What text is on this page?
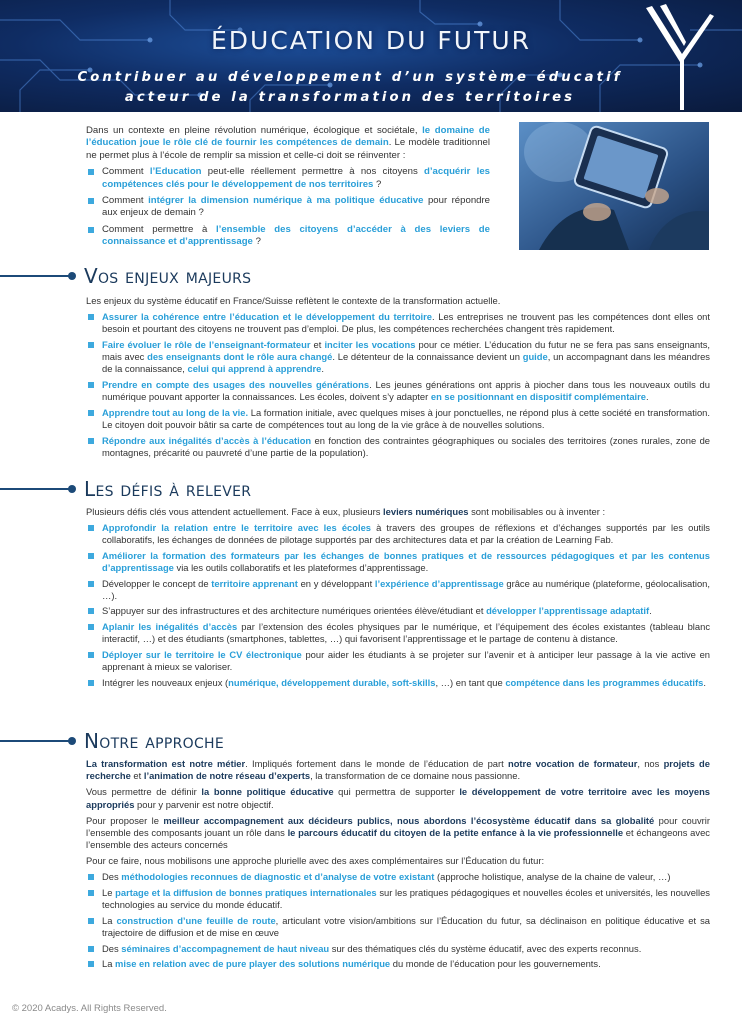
ÉDUCATION DU FUTUR
Contribuer au développement d’un système éducatif
acteur de la transformation des territoires

Dans un contexte en pleine révolution numérique, écologique et sociétale, le domaine de l’éducation joue le rôle clé de fournir les compétences de demain. Le modèle traditionnel ne permet plus à l’école de remplir sa mission et celle-ci doit se réinventer :

Comment l’Education peut-elle réellement permettre à nos citoyens d’acquérir les compétences clés pour le développement de nos territoires ?
Comment intégrer la dimension numérique à ma politique éducative pour répondre aux enjeux de demain ?
Comment permettre à l’ensemble des citoyens d’accéder à des leviers de connaissance et d’apprentissage ?
Vos enjeux majeurs

Les enjeux du système éducatif en France/Suisse reflètent le contexte de la transformation actuelle.

Assurer la cohérence entre l’éducation et le développement du territoire. Les entreprises ne trouvent pas les compétences dont elles ont besoin et pourtant des citoyens ne trouvent pas d’emploi. De plus, les compétences recherchées changent très rapidement.
Faire évoluer le rôle de l’enseignant-formateur et inciter les vocations pour ce métier. L’éducation du futur ne se fera pas sans enseignants, mais avec des enseignants dont le rôle aura changé. Le détenteur de la connaissance devient un guide, un accompagnant dans les méandres de la connaissance, celui qui apprend à apprendre.
Prendre en compte des usages des nouvelles générations. Les jeunes générations ont appris à piocher dans tous les nouveaux outils du numérique pouvant apporter la connaissances. Les écoles, doivent s’y adapter en se positionnant en dispositif complémentaire.
Apprendre tout au long de la vie. La formation initiale, avec quelques mises à jour ponctuelles, ne répond plus à cette société en transformation. Le citoyen doit pouvoir bâtir sa carte de compétences tout au long de la vie grâce à de nouvelles solutions.
Répondre aux inégalités d’accès à l’éducation en fonction des contraintes géographiques ou sociales des territoires (zones rurales, zone de montagnes, précarité ou pauvreté d’une partie de la population).
Les défis à relever

Plusieurs défis clés vous attendent actuellement. Face à eux, plusieurs leviers numériques sont mobilisables ou à inventer :

Approfondir la relation entre le territoire avec les écoles à travers des groupes de réflexions et d’échanges supportés par les outils collaboratifs, les échanges de données de pilotage supportés par des architectures data et par la création de Learning Fab.
Améliorer la formation des formateurs par les échanges de bonnes pratiques et de ressources pédagogiques et par les contenus d’apprentissage via les outils collaboratifs et les plateformes d’apprentissage.
Développer le concept de territoire apprenant en y développant l’expérience d’apprentissage grâce au numérique (plateforme, géolocalisation, …).
S’appuyer sur des infrastructures et des architecture numériques orientées élève/étudiant et développer l’apprentissage adaptatif.
Aplanir les inégalités d’accès par l’extension des écoles physiques par le numérique, et l’équipement des écoles existantes (tableau blanc interactif, …) et des étudiants (smartphones, tablettes, …) qui favorisent l’apprentissage et le partage de contenu à distance.
Déployer sur le territoire le CV électronique pour aider les étudiants à se projeter sur l’avenir et à anticiper leur passage à la vie active en apprenant à mieux se valoriser.
Intégrer les nouveaux enjeux (numérique, développement durable, soft-skills, …) en tant que compétence dans les programmes éducatifs.
Notre approche

La transformation est notre métier. Impliqués fortement dans le monde de l’éducation de part notre vocation de formateur, nos projets de recherche et l’animation de notre réseau d’experts, la transformation de ce domaine nous passionne.

Vous permettre de définir la bonne politique éducative qui permettra de supporter le développement de votre territoire avec les moyens appropriés pour y parvenir est notre objectif.

Pour proposer le meilleur accompagnement aux décideurs publics, nous abordons l’écosystème éducatif dans sa globalité pour couvrir l’ensemble des composants jouant un rôle dans le parcours éducatif du citoyen de la petite enfance à la vie professionnelle et échangeons avec l’ensemble des acteurs concernés

Pour ce faire, nous mobilisons une approche plurielle avec des axes complémentaires sur l’Éducation du futur:

Des méthodologies reconnues de diagnostic et d’analyse de votre existant (approche holistique, analyse de la chaine de valeur, …)
Le partage et la diffusion de bonnes pratiques internationales sur les pratiques pédagogiques et nouvelles écoles et universités, les nouvelles technologies au service du monde éducatif.
La construction d’une feuille de route, articulant votre vision/ambitions sur l’Éducation du futur, sa déclinaison en politique éducative et sa trajectoire de diffusion et de mise en œuve
Des séminaires d’accompagnement de haut niveau sur des thématiques clés du système éducatif, avec des experts reconnus.
La mise en relation avec de pure player des solutions numérique du monde de l’éducation pour les gouvernements.
© 2020 Acadys. All Rights Reserved.
